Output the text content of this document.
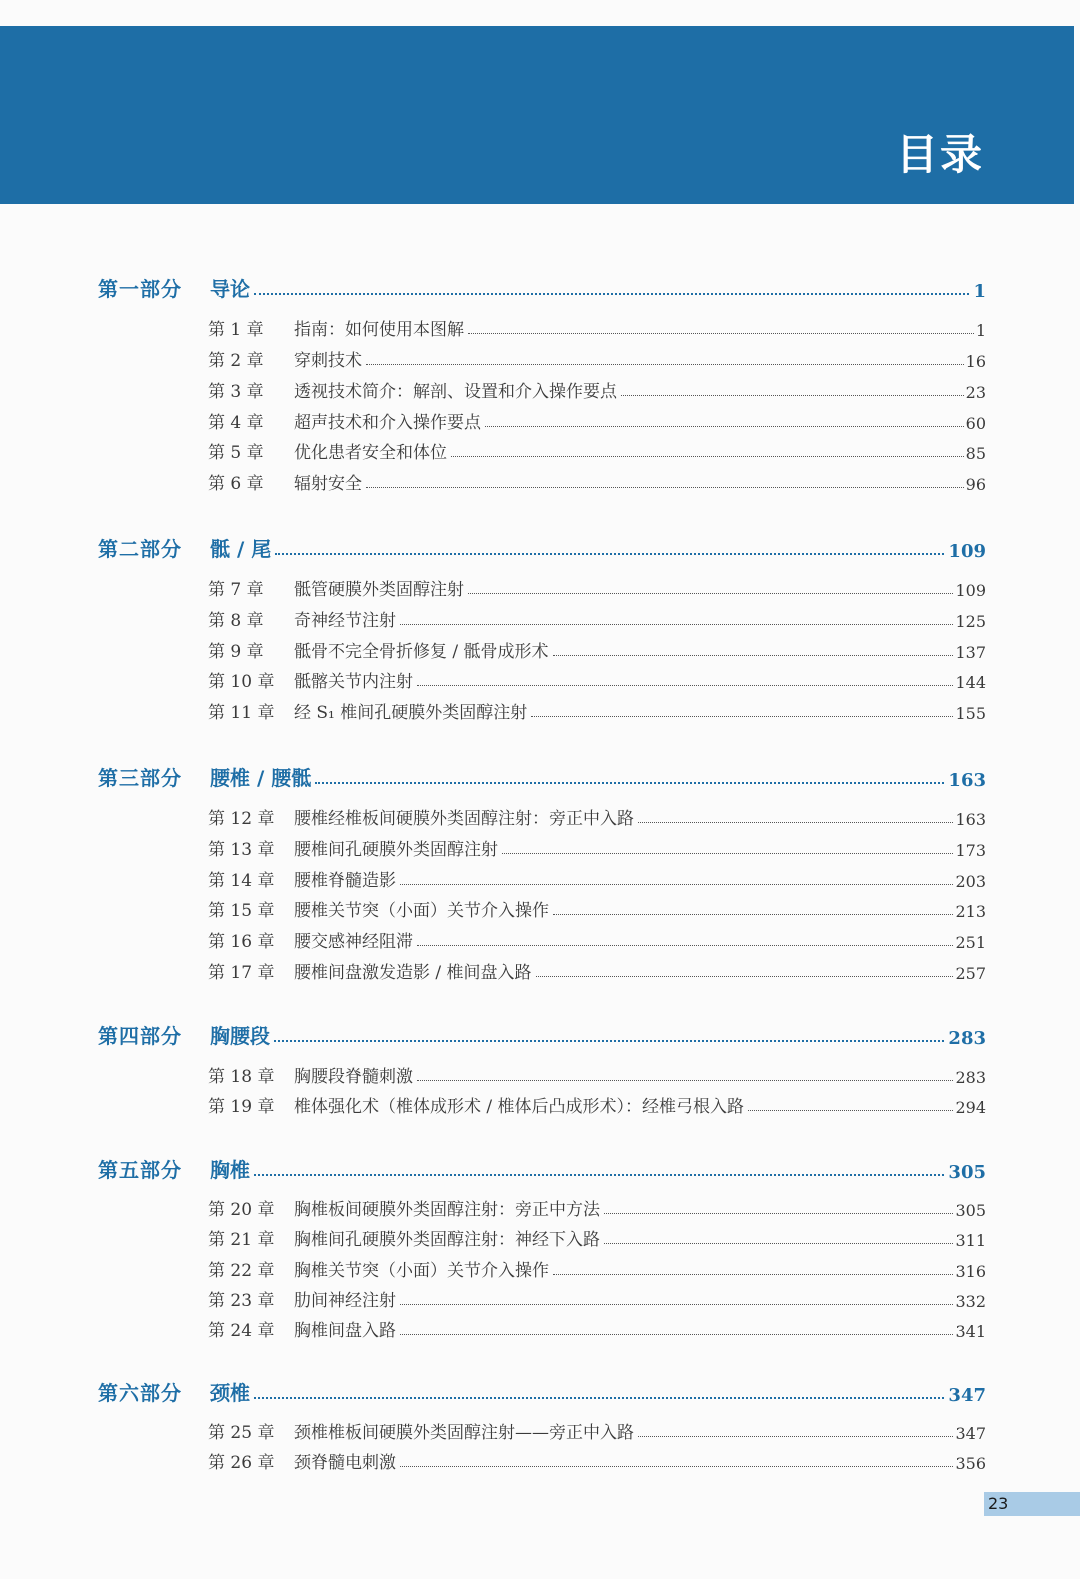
目录
第一部分	导论	1
第 1 章	指南：如何使用本图解	1
第 2 章	穿刺技术	16
第 3 章	透视技术简介：解剖、设置和介入操作要点	23
第 4 章	超声技术和介入操作要点	60
第 5 章	优化患者安全和体位	85
第 6 章	辐射安全	96
第二部分	骶 / 尾	109
第 7 章	骶管硬膜外类固醇注射	109
第 8 章	奇神经节注射	125
第 9 章	骶骨不完全骨折修复 / 骶骨成形术	137
第 10 章	骶髂关节内注射	144
第 11 章	经 S₁ 椎间孔硬膜外类固醇注射	155
第三部分	腰椎 / 腰骶	163
第 12 章	腰椎经椎板间硬膜外类固醇注射：旁正中入路	163
第 13 章	腰椎间孔硬膜外类固醇注射	173
第 14 章	腰椎脊髓造影	203
第 15 章	腰椎关节突（小面）关节介入操作	213
第 16 章	腰交感神经阻滞	251
第 17 章	腰椎间盘激发造影 / 椎间盘入路	257
第四部分	胸腰段	283
第 18 章	胸腰段脊髓刺激	283
第 19 章	椎体强化术（椎体成形术 / 椎体后凸成形术）：经椎弓根入路	294
第五部分	胸椎	305
第 20 章	胸椎板间硬膜外类固醇注射：旁正中方法	305
第 21 章	胸椎间孔硬膜外类固醇注射：神经下入路	311
第 22 章	胸椎关节突（小面）关节介入操作	316
第 23 章	肋间神经注射	332
第 24 章	胸椎间盘入路	341
第六部分	颈椎	347
第 25 章	颈椎椎板间硬膜外类固醇注射——旁正中入路	347
第 26 章	颈脊髓电刺激	356
23
